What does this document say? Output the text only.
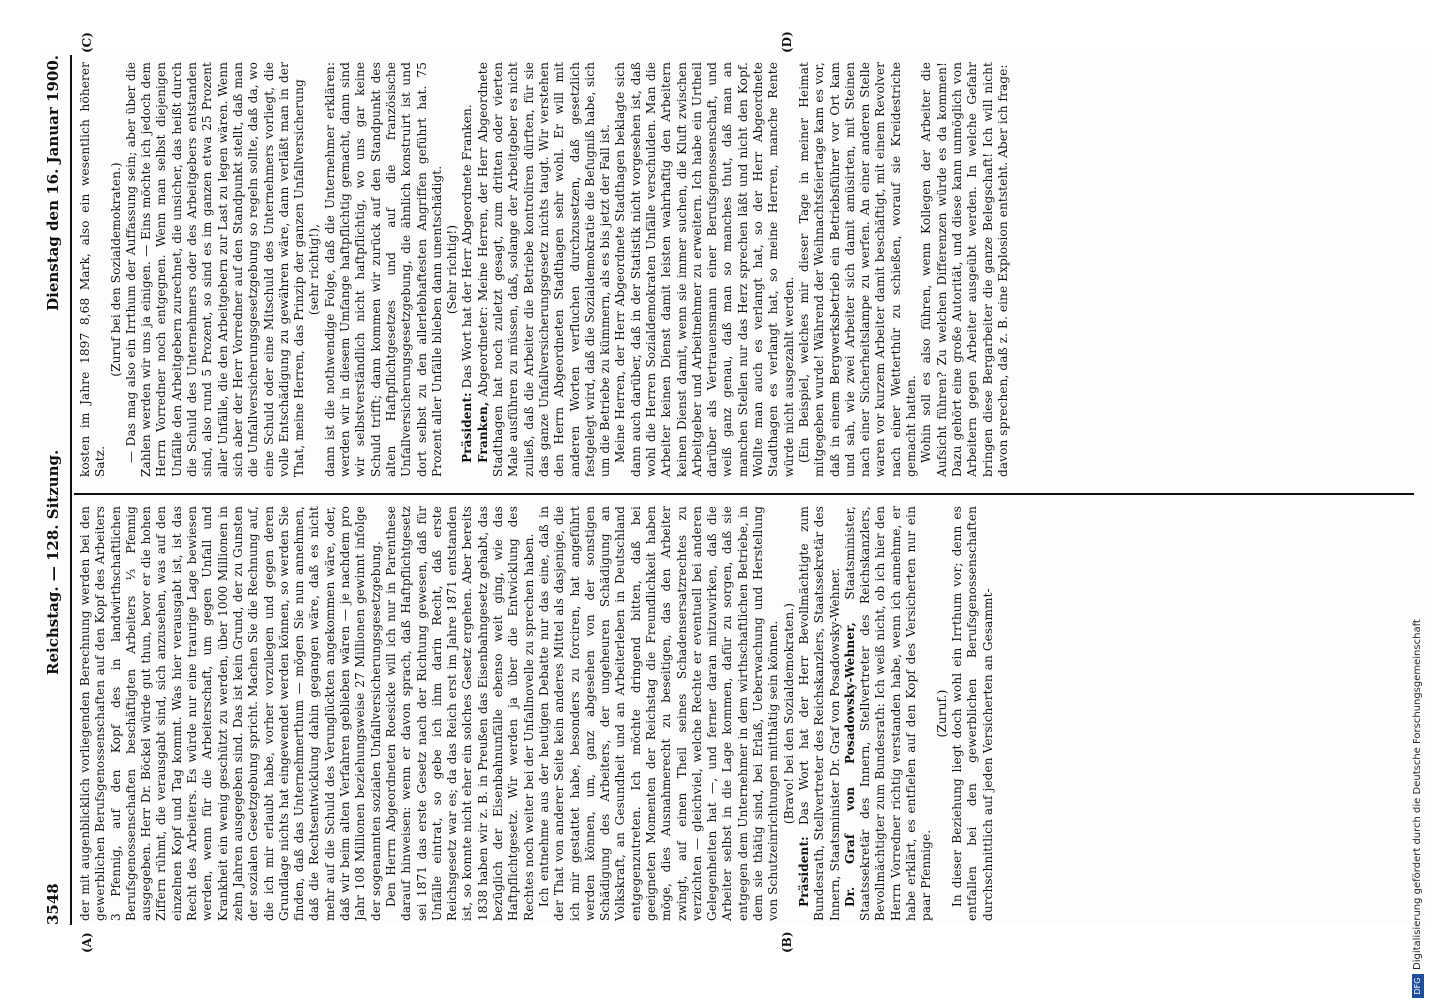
3548
Reichstag. — 128. Sitzung.
Dienstag den 16. Januar 1900.
(A)	(B)
(C)	(D)

der mit augenblicklich vorliegenden Berechnung werden bei den gewerblichen Berufsgenossenschaften auf den Kopf des Arbeiters 3 Pfennig, auf den Kopf des in landwirthschaftlichen Berufsgenossenschaften beschäftigten Arbeiters ⅓ Pfennig ausgegeben. Herr Dr. Böckel würde gut thun, bevor er die hohen Ziffern rühmt, die verausgabt sind, sich anzusehen, was auf den einzelnen Kopf und Tag kommt. Was hier verausgabt ist, ist das Recht des Arbeiters. Es würde nur eine traurige Lage bewiesen werden, wenn für die Arbeiterschaft, um gegen Unfall und Krankheit ein wenig geschützt zu werden, über 1000 Millionen in zehn Jahren ausgegeben sind. Das ist kein Grund, der zu Gunsten der sozialen Gesetzgebung spricht. Machen Sie die Rechnung auf, die ich mir erlaubt habe, vorher vorzulegen und gegen deren Grundlage nichts hat eingewendet werden können, so werden Sie finden, daß das Unternehmerthum — mögen Sie nun annehmen, daß die Rechtsentwicklung dahin gegangen wäre, daß es nicht mehr auf die Schuld des Verunglückten angekommen wäre, oder, daß wir beim alten Verfahren geblieben wären — je nachdem pro Jahr 108 Millionen beziehungsweise 27 Millionen gewinnt infolge der sogenannten sozialen Unfallversicherungsgesetzgebung. Den Herrn Abgeordneten Roesicke will ich nur in Parenthese darauf hinweisen: wenn er davon sprach, daß Haftpflichtgesetz sei 1871 das erste Gesetz nach der Richtung gewesen, daß für Unfälle eintrat, so gebe ich ihm darin Recht, daß erste Reichsgesetz war es; da das Reich erst im Jahre 1871 entstanden ist, so konnte nicht eher ein solches Gesetz ergehen. Aber bereits 1838 haben wir z. B. in Preußen das Eisenbahngesetz gehabt, das bezüglich der Eisenbahnunfälle ebenso weit ging, wie das Haftpflichtgesetz. Wir werden ja über die Entwicklung des Rechtes noch weiter bei der Unfallnovelle zu sprechen haben. Ich entnehme aus der heutigen Debatte nur das eine, daß in der That von anderer Seite kein anderes Mittel als dasjenige, die ich mir gestattet habe, besonders zu forciren, hat angeführt werden können, um, ganz abgesehen von der sonstigen Schädigung des Arbeiters, der ungeheuren Schädigung an Volkskraft, an Gesundheit und an Arbeiterleben in Deutschland entgegenzutreten. Ich möchte dringend bitten, daß bei geeigneten Momenten der Reichstag die Freundlichkeit haben möge, dies Ausnahmerecht zu beseitigen, das den Arbeiter zwingt, auf einen Theil seines Schadensersatzrechtes zu verzichten — gleichviel, welche Rechte er eventuell bei anderen Gelegenheiten hat —, und ferner daran mitzuwirken, daß die Arbeiter selbst in die Lage kommen, dafür zu sorgen, daß sie entgegen dem Unternehmer in dem wirthschaftlichen Betriebe, in dem sie thätig sind, bei Erlaß, Ueberwachung und Herstellung von Schutzeinrichtungen mitthätig sein können. (Bravo! bei den Sozialdemokraten.)

Präsident: Das Wort hat der Herr Bevollmächtigte zum Bundesrath, Stellvertreter des Reichskanzlers, Staatssekretär des Innern, Staatsminister Dr. Graf von Posadowsky-Wehner. Dr. Graf von Posadowsky-Wehner, Staatsminister, Staatssekretär des Innern, Stellvertreter des Reichskanzlers, Bevollmächtigter zum Bundesrath: Ich weiß nicht, ob ich hier den Herrn Vorredner richtig verstanden habe, wenn ich annehme, er habe erklärt, es entfielen auf den Kopf des Versicherten nur ein paar Pfennige.

(Zuruf.) In dieser Beziehung liegt doch wohl ein Irrthum vor; denn es entfallen bei den gewerblichen Berufsgenossenschaften durchschnittlich auf jeden Versicherten an Gesammt-

kosten im Jahre 1897 8,68 Mark, also ein wesentlich höherer Satz.

(Zuruf bei den Sozialdemokraten.) — Das mag also ein Irrthum der Auffassung sein; aber über die Zahlen werden wir uns ja einigen. — Eins möchte ich jedoch dem Herrn Vorredner noch entgegnen. Wenn man selbst diejenigen Unfälle den Arbeitgebern zurechnet, die unsicher, das heißt durch die Schuld des Unternehmers oder des Arbeitgebers entstanden sind, also rund 5 Prozent, so sind es im ganzen etwa 25 Prozent aller Unfälle, die den Arbeitgebern zur Last zu legen wären. Wenn sich aber der Herr Vorredner auf den Standpunkt stellt, daß man die Unfallversicherungsgesetzgebung so regeln sollte, daß da, wo eine Schuld oder eine Mitschuld des Unternehmers vorliegt, die volle Entschädigung zu gewähren wäre, dann verläßt man in der That, meine Herren, das Prinzip der ganzen Unfallversicherung (sehr richtig!), dann ist die nothwendige Folge, daß die Unternehmer erklären: werden wir in diesem Umfange haftpflichtig gemacht, dann sind wir selbstverständlich nicht haftpflichtig, wo uns gar keine Schuld trifft; dann kommen wir zurück auf den Standpunkt des alten Haftpflichtgesetzes und auf die französische Unfallversicherungsgesetzgebung, die ähnlich konstruirt ist und dort selbst zu den allerlebhaftesten Angriffen geführt hat. 75 Prozent aller Unfälle blieben dann unentschädigt. (Sehr richtig!)

Präsident: Das Wort hat der Herr Abgeordnete Franken.

Franken, Abgeordneter: Meine Herren, der Herr Abgeordnete Stadthagen hat noch zuletzt gesagt, zum dritten oder vierten Male ausführen zu müssen, daß, solange der Arbeitgeber es nicht zuließ, daß die Arbeiter die Betriebe kontroliren dürften, für sie das ganze Unfallversicherungsgesetz nichts taugt. Wir verstehen den Herrn Abgeordneten Stadthagen sehr wohl. Er will mit anderen Worten verfluchen durchzusetzen, daß gesetzlich festgelegt wird, daß die Sozialdemokratie die Befugniß habe, sich um die Betriebe zu kümmern, als es bis jetzt der Fall ist. Meine Herren, der Herr Abgeordnete Stadthagen beklagte sich dann auch darüber, daß in der Statistik nicht vorgesehen ist, daß wohl die Herren Sozialdemokraten Unfälle verschulden. Man die Arbeiter keinen Dienst damit leisten wahrhaftig den Arbeitern keinen Dienst damit, wenn sie immer suchen, die Kluft zwischen Arbeitgeber und Arbeitnehmer zu erweitern. Ich habe ein Urtheil darüber als Vertrauensmann einer Berufsgenossenschaft, und weiß ganz genau, daß man so manches thut, daß man an manchen Stellen nur das Herz sprechen läßt und nicht den Kopf. Wollte man auch es verlangt hat, so der Herr Abgeordnete Stadthagen es verlangt hat, so meine Herren, manche Rente würde nicht ausgezahlt werden. (Ein Beispiel, welches mir dieser Tage in meiner Heimat mitgegeben wurde! Während der Weihnachtsfeiertage kam es vor, daß in einem Bergwerksbetrieb ein Betriebsführer vor Ort kam und sah, wie zwei Arbeiter sich damit amüsirten, mit Steinen nach einer Sicherheitslampe zu werfen. An einer anderen Stelle waren vor kurzem Arbeiter damit beschäftigt, mit einem Revolver nach einer Wetterthür zu schießen, worauf sie Kreidestriche gemacht hatten. Wohin soll es also führen, wenn Kollegen der Arbeiter die Aufsicht führen? Zu welchen Differenzen würde es da kommen! Dazu gehört eine große Autorität, und diese kann unmöglich von Arbeitern gegen Arbeiter ausgeübt werden. In welche Gefahr bringen diese Bergarbeiter die ganze Belegschaft! Ich will nicht davon sprechen, daß z. B. eine Explosion entsteht. Aber ich frage:

DFG
Digitalisierung gefördert durch die Deutsche Forschungsgemeinschaft
